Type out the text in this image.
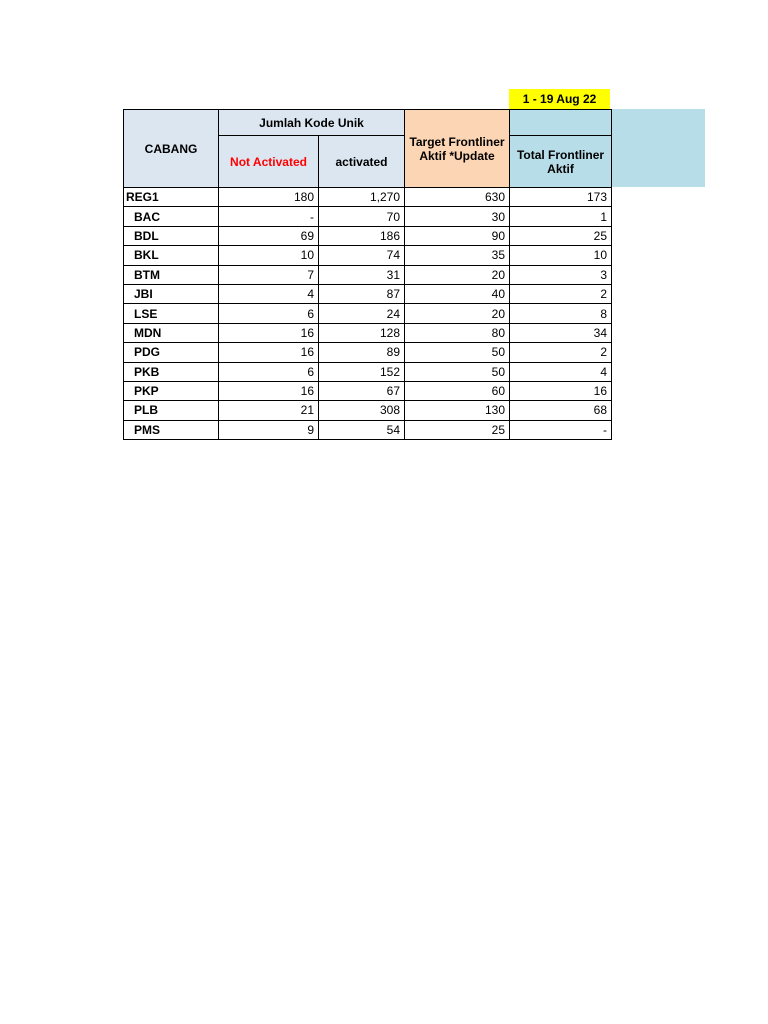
1 - 19 Aug 22
CABANG	Jumlah Kode Unik		Target Frontliner Aktif *Update	
	Not Activated	activated		Total Frontliner Aktif
REG1	180	1,270	630	173
BAC	-	70	30	1
BDL	69	186	90	25
BKL	10	74	35	10
BTM	7	31	20	3
JBI	4	87	40	2
LSE	6	24	20	8
MDN	16	128	80	34
PDG	16	89	50	2
PKB	6	152	50	4
PKP	16	67	60	16
PLB	21	308	130	68
PMS	9	54	25	-
